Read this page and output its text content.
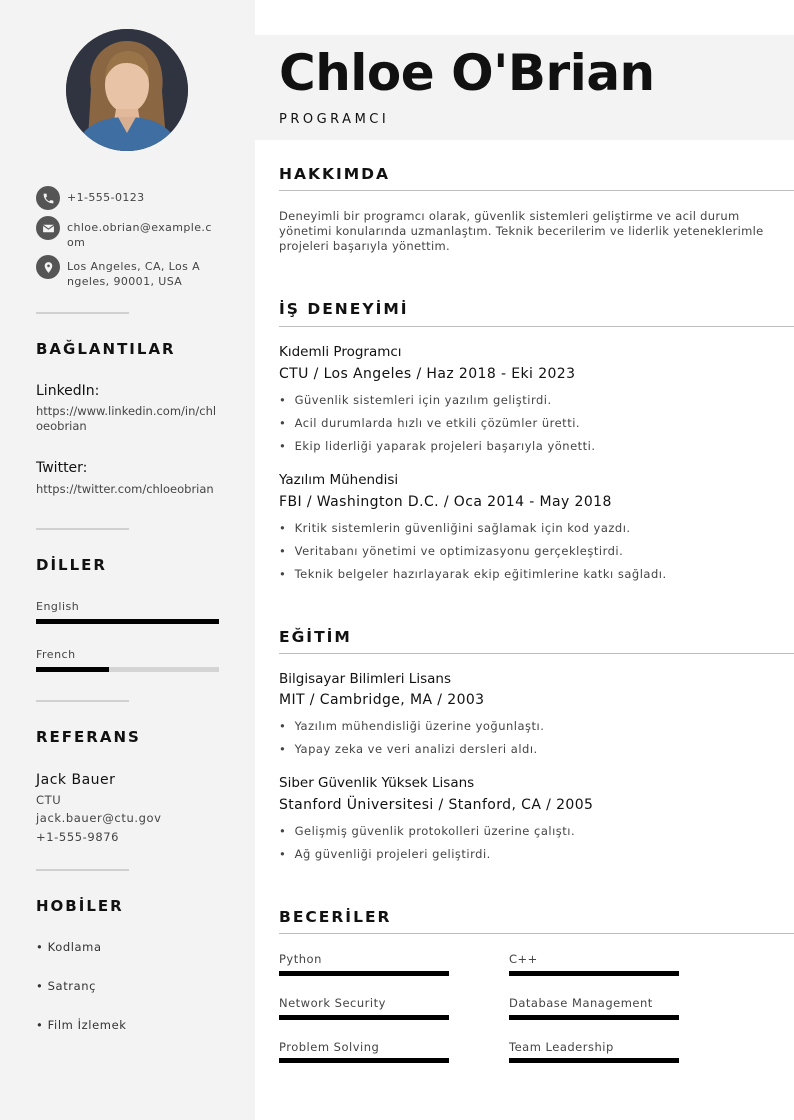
+1-555-0123
chloe.obrian@example.com
Los Angeles, CA, Los Angeles, 90001, USA
BAĞLANTILAR
LinkedIn:
https://www.linkedin.com/in/chloeobrian
Twitter:
https://twitter.com/chloeobrian
DİLLER
English
French
REFERANS
Jack Bauer
CTU
jack.bauer@ctu.gov
+1-555-9876
HOBİLER
• Kodlama
• Satranç
• Film İzlemek
Chloe O'Brian
PROGRAMCI
HAKKIMDA
Deneyimli bir programcı olarak, güvenlik sistemleri geliştirme ve acil durum yönetimi konularında uzmanlaştım. Teknik becerilerim ve liderlik yeteneklerimle projeleri başarıyla yönettim.
İŞ DENEYİMİ
Kıdemli Programcı
CTU / Los Angeles / Haz 2018 - Eki 2023
•  Güvenlik sistemleri için yazılım geliştirdi.
•  Acil durumlarda hızlı ve etkili çözümler üretti.
•  Ekip liderliği yaparak projeleri başarıyla yönetti.
Yazılım Mühendisi
FBI / Washington D.C. / Oca 2014 - May 2018
•  Kritik sistemlerin güvenliğini sağlamak için kod yazdı.
•  Veritabanı yönetimi ve optimizasyonu gerçekleştirdi.
•  Teknik belgeler hazırlayarak ekip eğitimlerine katkı sağladı.
EĞİTİM
Bilgisayar Bilimleri Lisans
MIT / Cambridge, MA / 2003
•  Yazılım mühendisliği üzerine yoğunlaştı.
•  Yapay zeka ve veri analizi dersleri aldı.
Siber Güvenlik Yüksek Lisans
Stanford Üniversitesi / Stanford, CA / 2005
•  Gelişmiş güvenlik protokolleri üzerine çalıştı.
•  Ağ güvenliği projeleri geliştirdi.
BECERİLER
Python	C++
Network Security	Database Management
Problem Solving	Team Leadership
